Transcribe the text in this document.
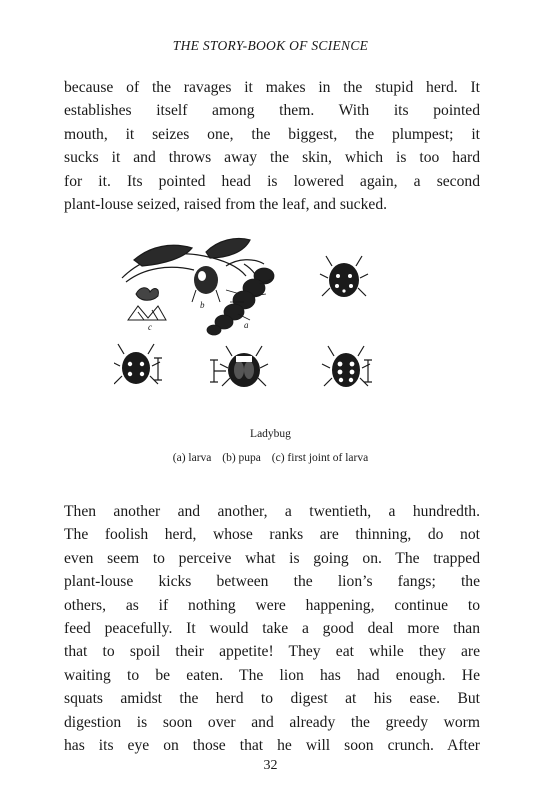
THE STORY-BOOK OF SCIENCE
because of the ravages it makes in the stupid herd. It
establishes itself among them. With its pointed
mouth, it seizes one, the biggest, the plumpest; it
sucks it and throws away the skin, which is too hard
for it. Its pointed head is lowered again, a second
plant-louse seized, raised from the leaf, and sucked.
b
a
c
Ladybug
(a) larva (b) pupa (c) first joint of larva
Then another and another, a twentieth, a hundredth.
The foolish herd, whose ranks are thinning, do not
even seem to perceive what is going on. The trapped
plant-louse kicks between the lion’s fangs; the
others, as if nothing were happening, continue to
feed peacefully. It would take a good deal more than
that to spoil their appetite! They eat while they are
waiting to be eaten. The lion has had enough. He
squats amidst the herd to digest at his ease. But
digestion is soon over and already the greedy worm
has its eye on those that he will soon crunch. After
32
